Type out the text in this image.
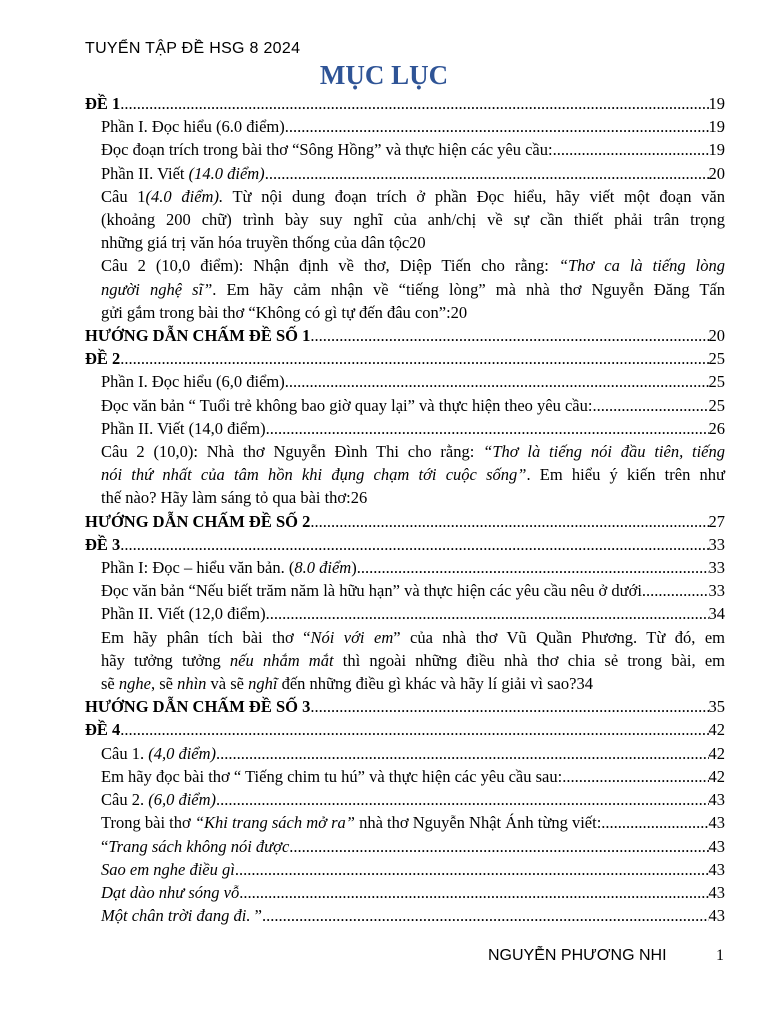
TUYỂN TẬP ĐỀ HSG 8 2024
MỤC LỤC
ĐỀ 1 .....	19
Phần I. Đọc hiểu (6.0 điểm) .....	19
Đọc đoạn trích trong bài thơ “Sông Hồng” và thực hiện các yêu cầu: .....	19
Phần II. Viết (14.0 điểm) .....	20
Câu 1(4.0 điểm). Từ nội dung đoạn trích ở phần Đọc hiểu, hãy viết một đoạn văn
(khoảng 200 chữ) trình bày suy nghĩ của anh/chị về sự cần thiết phải trân trọng
những giá trị văn hóa truyền thống của dân tộc 20
Câu 2 (10,0 điểm): Nhận định về thơ, Diệp Tiến cho rằng: “Thơ ca là tiếng lòng
người nghệ sĩ”. Em hãy cảm nhận về “tiếng lòng” mà nhà thơ Nguyễn Đăng Tấn
gửi gắm trong bài thơ “Không có gì tự đến đâu con”: 20
HƯỚNG DẪN CHẤM ĐỀ SỐ 1 .....	20
ĐỀ 2 .....	25
Phần I. Đọc hiểu (6,0 điểm) .....	25
Đọc văn bản “ Tuổi trẻ không bao giờ quay lại” và thực hiện theo yêu cầu: .....	25
Phần II. Viết (14,0 điểm) .....	26
Câu 2 (10,0): Nhà thơ Nguyễn Đình Thi cho rằng: “Thơ là tiếng nói đầu tiên, tiếng
nói thứ nhất của tâm hồn khi đụng chạm tới cuộc sống”. Em hiểu ý kiến trên như
thế nào? Hãy làm sáng tỏ qua bài thơ: 26
HƯỚNG DẪN CHẤM ĐỀ SỐ 2 .....	27
ĐỀ 3 .....	33
Phần I: Đọc – hiểu văn bản. (8.0 điểm) .....	33
Đọc văn bản “Nếu biết trăm năm là hữu hạn” và thực hiện các yêu cầu nêu ở dưới. .....	33
Phần II. Viết (12,0 điểm) .....	34
Em hãy phân tích bài thơ “Nói với em” của nhà thơ Vũ Quần Phương. Từ đó, em
hãy tưởng tưởng nếu nhắm mắt thì ngoài những điều nhà thơ chia sẻ trong bài, em
sẽ nghe, sẽ nhìn và sẽ nghĩ đến những điều gì khác và hãy lí giải vì sao? 34
HƯỚNG DẪN CHẤM ĐỀ SỐ 3 .....	35
ĐỀ 4 .....	42
Câu 1. (4,0 điểm) .....	42
Em hãy đọc bài thơ “ Tiếng chim tu hú” và thực hiện các yêu cầu sau: .....	42
Câu 2. (6,0 điểm) .....	43
Trong bài thơ “Khi trang sách mở ra” nhà thơ Nguyễn Nhật Ánh từng viết: .....	43
“Trang sách không nói được .....	43
Sao em nghe điều gì .....	43
Dạt dào như sóng vỗ .....	43
Một chân trời đang đi. ” .....	43
NGUYỄN PHƯƠNG NHI	1
